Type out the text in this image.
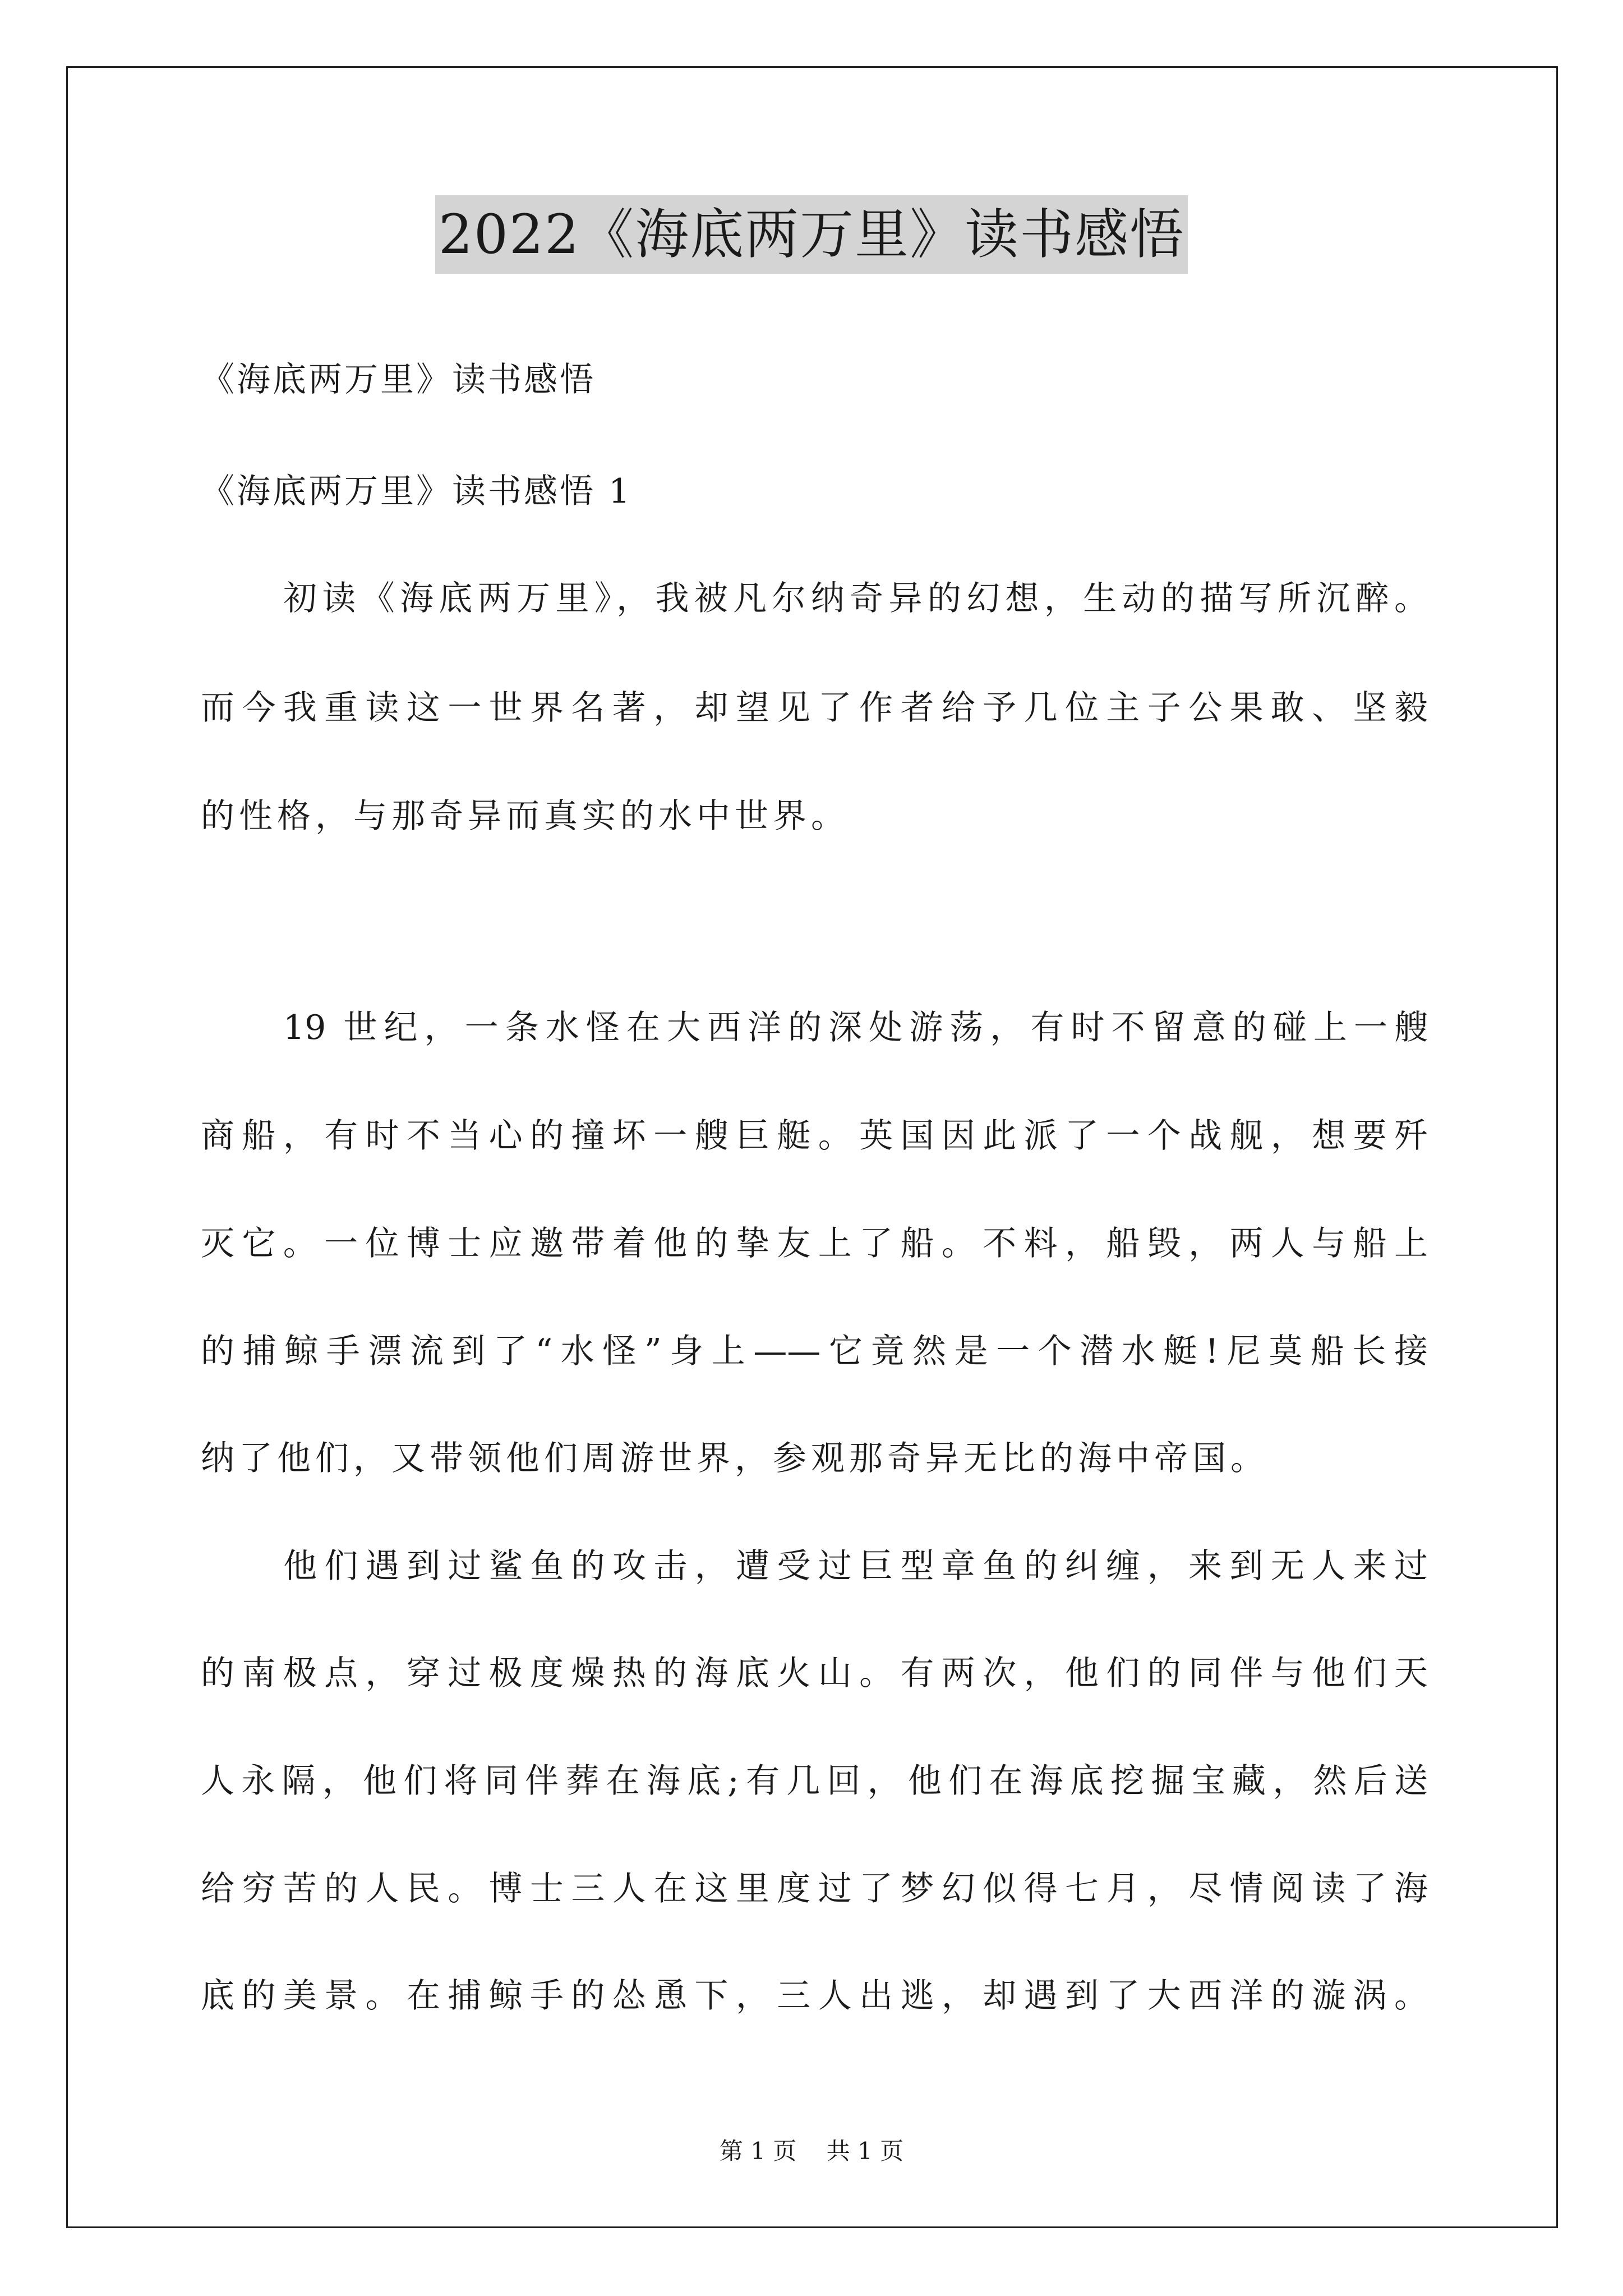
2022《海底两万里》读书感悟
《海底两万里》读书感悟
《海底两万里》读书感悟 1
初读《海底两万里》，我被凡尔纳奇异的幻想，生动的描写所沉醉。
而今我重读这一世界名著，却望见了作者给予几位主子公果敢、坚毅
的性格，与那奇异而真实的水中世界。
19 世纪，一条水怪在大西洋的深处游荡，有时不留意的碰上一艘
商船，有时不当心的撞坏一艘巨艇。英国因此派了一个战舰，想要歼
灭它。一位博士应邀带着他的挚友上了船。不料，船毁，两人与船上
的捕鲸手漂流到了“水怪”身上——它竟然是一个潜水艇!尼莫船长接
纳了他们，又带领他们周游世界，参观那奇异无比的海中帝国。
他们遇到过鲨鱼的攻击，遭受过巨型章鱼的纠缠，来到无人来过
的南极点，穿过极度燥热的海底火山。有两次，他们的同伴与他们天
人永隔，他们将同伴葬在海底;有几回，他们在海底挖掘宝藏，然后送
给穷苦的人民。博士三人在这里度过了梦幻似得七月，尽情阅读了海
底的美景。在捕鲸手的怂恿下，三人出逃，却遇到了大西洋的漩涡。
第 1 页    共 1 页
